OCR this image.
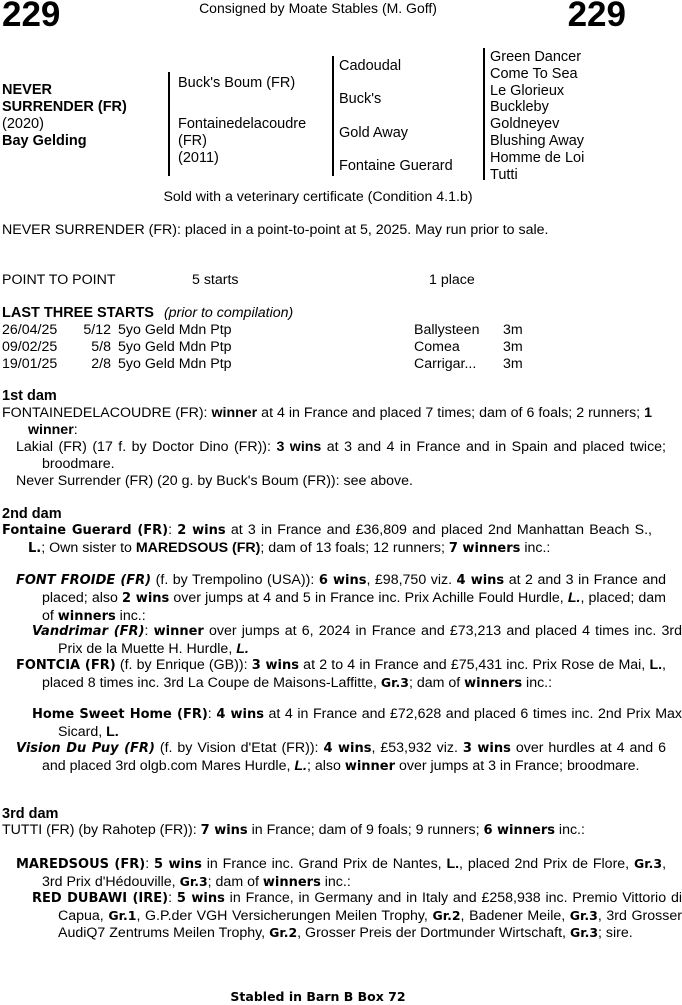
229	Consigned by Moate Stables (M. Goff)	229
NEVER
SURRENDER (FR)
(2020)
Bay Gelding
Buck's Boum (FR)
Fontainedelacoudre
(FR)
(2011)
Cadoudal
Buck's
Gold Away
Fontaine Guerard
Green Dancer
Come To Sea
Le Glorieux
Buckleby
Goldneyev
Blushing Away
Homme de Loi
Tutti
Sold with a veterinary certificate (Condition 4.1.b)
NEVER SURRENDER (FR): placed in a point-to-point at 5, 2025. May run prior to sale.
POINT TO POINT	5 starts	1 place
LAST THREE STARTS (prior to compilation)
26/04/25 5/12 5yo Geld Mdn Ptp	Ballysteen 3m
09/02/25 5/8 5yo Geld Mdn Ptp	Comea	3m
19/01/25 2/8 5yo Geld Mdn Ptp	Carrigar... 3m
1st dam
FONTAINEDELACOUDRE (FR): winner at 4 in France and placed 7 times; dam of 6 foals; 2 runners; 1 winner:
Lakial (FR) (17 f. by Doctor Dino (FR)): 3 wins at 3 and 4 in France and in Spain and placed twice; broodmare.
Never Surrender (FR) (20 g. by Buck's Boum (FR)): see above.
2nd dam
Fontaine Guerard (FR): 2 wins at 3 in France and £36,809 and placed 2nd Manhattan Beach S., L.; Own sister to MAREDSOUS (FR); dam of 13 foals; 12 runners; 7 winners inc.:
FONT FROIDE (FR) (f. by Trempolino (USA)): 6 wins, £98,750 viz. 4 wins at 2 and 3 in France and placed; also 2 wins over jumps at 4 and 5 in France inc. Prix Achille Fould Hurdle, L., placed; dam of winners inc.:
Vandrimar (FR): winner over jumps at 6, 2024 in France and £73,213 and placed 4 times inc. 3rd Prix de la Muette H. Hurdle, L.
FONTCIA (FR) (f. by Enrique (GB)): 3 wins at 2 to 4 in France and £75,431 inc. Prix Rose de Mai, L., placed 8 times inc. 3rd La Coupe de Maisons-Laffitte, Gr.3; dam of winners inc.:
Home Sweet Home (FR): 4 wins at 4 in France and £72,628 and placed 6 times inc. 2nd Prix Max Sicard, L.
Vision Du Puy (FR) (f. by Vision d'Etat (FR)): 4 wins, £53,932 viz. 3 wins over hurdles at 4 and 6 and placed 3rd olgb.com Mares Hurdle, L.; also winner over jumps at 3 in France; broodmare.
3rd dam
TUTTI (FR) (by Rahotep (FR)): 7 wins in France; dam of 9 foals; 9 runners; 6 winners inc.:
MAREDSOUS (FR): 5 wins in France inc. Grand Prix de Nantes, L., placed 2nd Prix de Flore, Gr.3, 3rd Prix d'Hédouville, Gr.3; dam of winners inc.:
RED DUBAWI (IRE): 5 wins in France, in Germany and in Italy and £258,938 inc. Premio Vittorio di Capua, Gr.1, G.P.der VGH Versicherungen Meilen Trophy, Gr.2, Badener Meile, Gr.3, 3rd Grosser AudiQ7 Zentrums Meilen Trophy, Gr.2, Grosser Preis der Dortmunder Wirtschaft, Gr.3; sire.
Stabled in Barn B Box 72
